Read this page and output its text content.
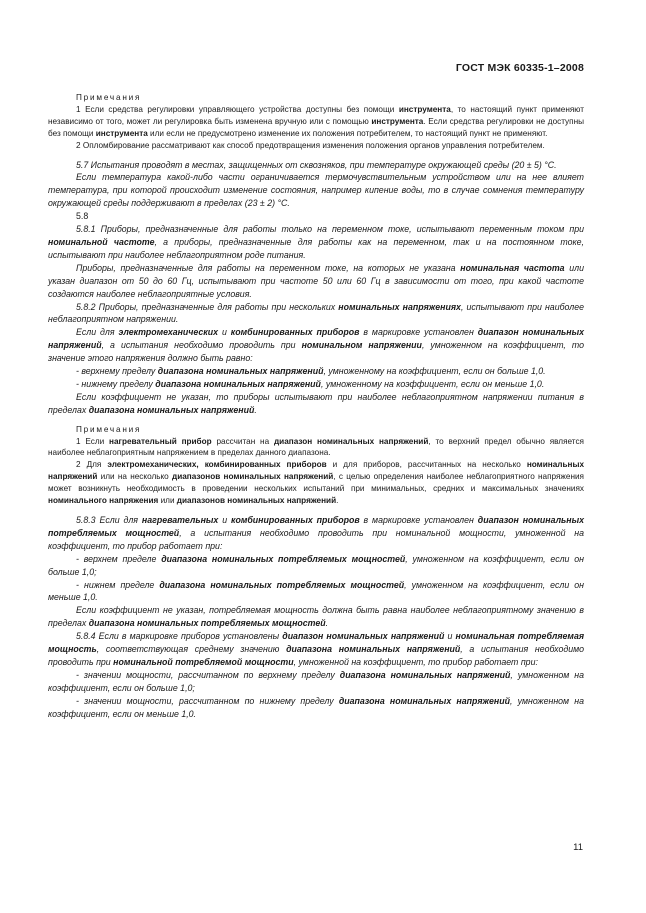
ГОСТ МЭК 60335-1–2008

Примечания

1 Если средства регулировки управляющего устройства доступны без помощи инструмента, то настоящий пункт применяют независимо от того, может ли регулировка быть изменена вручную или с помощью инструмента. Если средства регулировки не доступны без помощи инструмента или если не предусмотрено изменение их положения потребителем, то настоящий пункт не применяют.

2 Опломбирование рассматривают как способ предотвращения изменения положения органов управления потребителем.

5.7 Испытания проводят в местах, защищенных от сквозняков, при температуре окружающей среды (20 ± 5) °С.

Если температура какой-либо части ограничивается термочувствительным устройством или на нее влияет температура, при которой происходит изменение состояния, например кипение воды, то в случае сомнения температуру окружающей среды поддерживают в пределах (23 ± 2) °С.

5.8

5.8.1 Приборы, предназначенные для работы только на переменном токе, испытывают переменным током при номинальной частоте, а приборы, предназначенные для работы как на переменном, так и на постоянном токе, испытывают при наиболее неблагоприятном роде питания.

Приборы, предназначенные для работы на переменном токе, на которых не указана номинальная частота или указан диапазон от 50 до 60 Гц, испытывают при частоте 50 или 60 Гц в зависимости от того, при какой частоте создаются наиболее неблагоприятные условия.

5.8.2 Приборы, предназначенные для работы при нескольких номинальных напряжениях, испытывают при наиболее неблагоприятном напряжении.

Если для электромеханических и комбинированных приборов в маркировке установлен диапазон номинальных напряжений, а испытания необходимо проводить при номинальном напряжении, умноженном на коэффициент, то значение этого напряжения должно быть равно:

- верхнему пределу диапазона номинальных напряжений, умноженному на коэффициент, если он больше 1,0.

- нижнему пределу диапазона номинальных напряжений, умноженному на коэффициент, если он меньше 1,0.

Если коэффициент не указан, то приборы испытывают при наиболее неблагоприятном напряжении питания в пределах диапазона номинальных напряжений.

Примечания

1 Если нагревательный прибор рассчитан на диапазон номинальных напряжений, то верхний предел обычно является наиболее неблагоприятным напряжением в пределах данного диапазона.

2 Для электромеханических, комбинированных приборов и для приборов, рассчитанных на несколько номинальных напряжений или на несколько диапазонов номинальных напряжений, с целью определения наиболее неблагоприятного напряжения может возникнуть необходимость в проведении нескольких испытаний при минимальных, средних и максимальных значениях номинального напряжения или диапазонов номинальных напряжений.

5.8.3 Если для нагревательных и комбинированных приборов в маркировке установлен диапазон номинальных потребляемых мощностей, а испытания необходимо проводить при номинальной мощности, умноженной на коэффициент, то прибор работает при:

- верхнем пределе диапазона номинальных потребляемых мощностей, умноженном на коэффициент, если он больше 1,0;

- нижнем пределе диапазона номинальных потребляемых мощностей, умноженном на коэффициент, если он меньше 1,0.

Если коэффициент не указан, потребляемая мощность должна быть равна наиболее неблагоприятному значению в пределах диапазона номинальных потребляемых мощностей.

5.8.4 Если в маркировке приборов установлены диапазон номинальных напряжений и номинальная потребляемая мощность, соответствующая среднему значению диапазона номинальных напряжений, а испытания необходимо проводить при номинальной потребляемой мощности, умноженной на коэффициент, то прибор работает при:

- значении мощности, рассчитанном по верхнему пределу диапазона номинальных напряжений, умноженном на коэффициент, если он больше 1,0;

- значении мощности, рассчитанном по нижнему пределу диапазона номинальных напряжений, умноженном на коэффициент, если он меньше 1,0.

11
